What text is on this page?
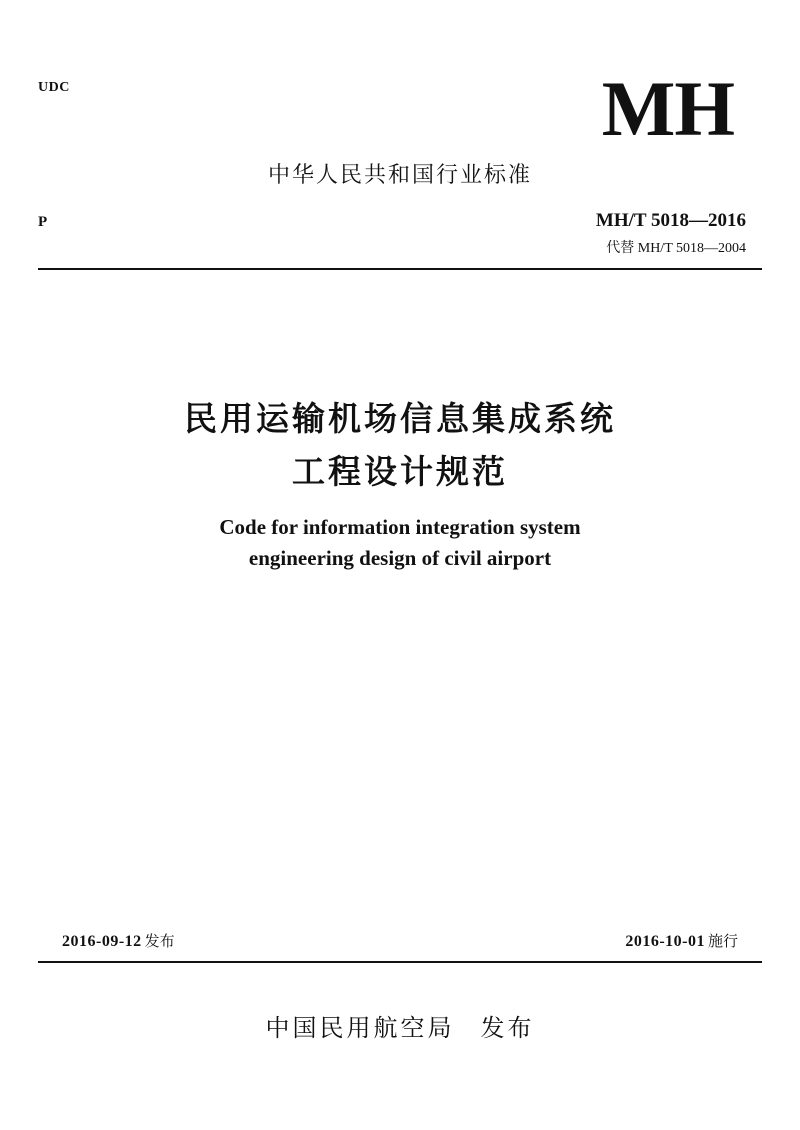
UDC	MH
中华人民共和国行业标准
P	MH/T 5018—2016
代替 MH/T 5018—2004
民用运输机场信息集成系统
工程设计规范
Code for information integration system
engineering design of civil airport
2016-09-12 发布	2016-10-01 施行
中国民用航空局 发布
